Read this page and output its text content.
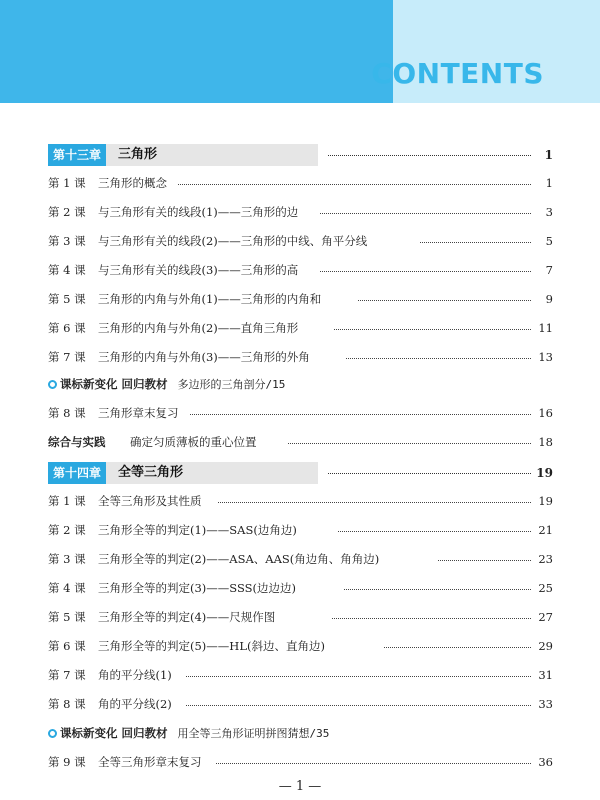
CONTENTS
第十三章	三角形	1
第 1 课 三角形的概念	1
第 2 课 与三角形有关的线段(1)——三角形的边	3
第 3 课 与三角形有关的线段(2)——三角形的中线、角平分线	5
第 4 课 与三角形有关的线段(3)——三角形的高	7
第 5 课 三角形的内角与外角(1)——三角形的内角和	9
第 6 课 三角形的内角与外角(2)——直角三角形	11
第 7 课 三角形的内角与外角(3)——三角形的外角	13
课标新变化 回归教材 多边形的三角剖分/15
第 8 课 三角形章末复习	16
综合与实践 确定匀质薄板的重心位置	18
第十四章	全等三角形	19
第 1 课 全等三角形及其性质	19
第 2 课 三角形全等的判定(1)——SAS(边角边)	21
第 3 课 三角形全等的判定(2)——ASA、AAS(角边角、角角边)	23
第 4 课 三角形全等的判定(3)——SSS(边边边)	25
第 5 课 三角形全等的判定(4)——尺规作图	27
第 6 课 三角形全等的判定(5)——HL(斜边、直角边)	29
第 7 课 角的平分线(1)	31
第 8 课 角的平分线(2)	33
课标新变化 回归教材 用全等三角形证明拼图猜想/35
第 9 课 全等三角形章末复习	36
— 1 —
